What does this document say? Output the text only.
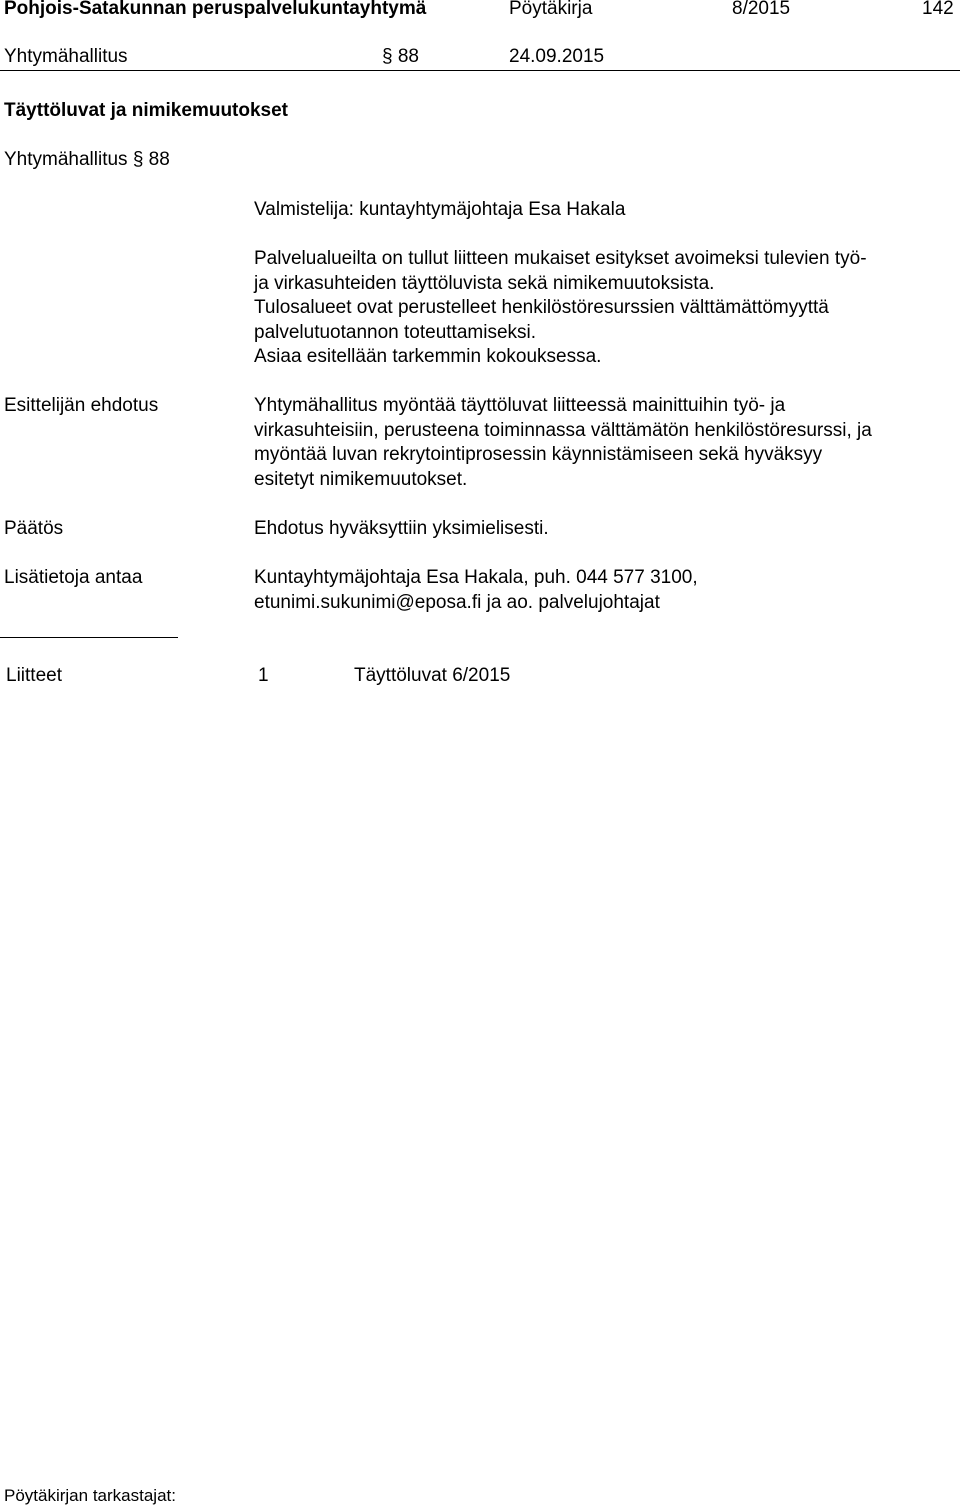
Pohjois-Satakunnan peruspalvelukuntayhtymä	Pöytäkirja	8/2015	142
Yhtymähallitus	§ 88	24.09.2015
Täyttöluvat ja nimikemuutokset
Yhtymähallitus § 88
Valmistelija: kuntayhtymäjohtaja Esa Hakala
Palvelualueilta on tullut liitteen mukaiset esitykset avoimeksi tulevien työ-
ja virkasuhteiden täyttöluvista sekä nimikemuutoksista.
Tulosalueet ovat perustelleet henkilöstöresurssien välttämättömyyttä
palvelutuotannon toteuttamiseksi.
Asiaa esitellään tarkemmin kokouksessa.
Esittelijän ehdotus	Yhtymähallitus myöntää täyttöluvat liitteessä mainittuihin työ- ja
virkasuhteisiin, perusteena toiminnassa välttämätön henkilöstöresurssi, ja
myöntää luvan rekrytointiprosessin käynnistämiseen sekä hyväksyy
esitetyt nimikemuutokset.
Päätös	Ehdotus hyväksyttiin yksimielisesti.
Lisätietoja antaa	Kuntayhtymäjohtaja Esa Hakala, puh. 044 577 3100,
etunimi.sukunimi@eposa.fi ja ao. palvelujohtajat
Liitteet	1	Täyttöluvat 6/2015
Pöytäkirjan tarkastajat:
